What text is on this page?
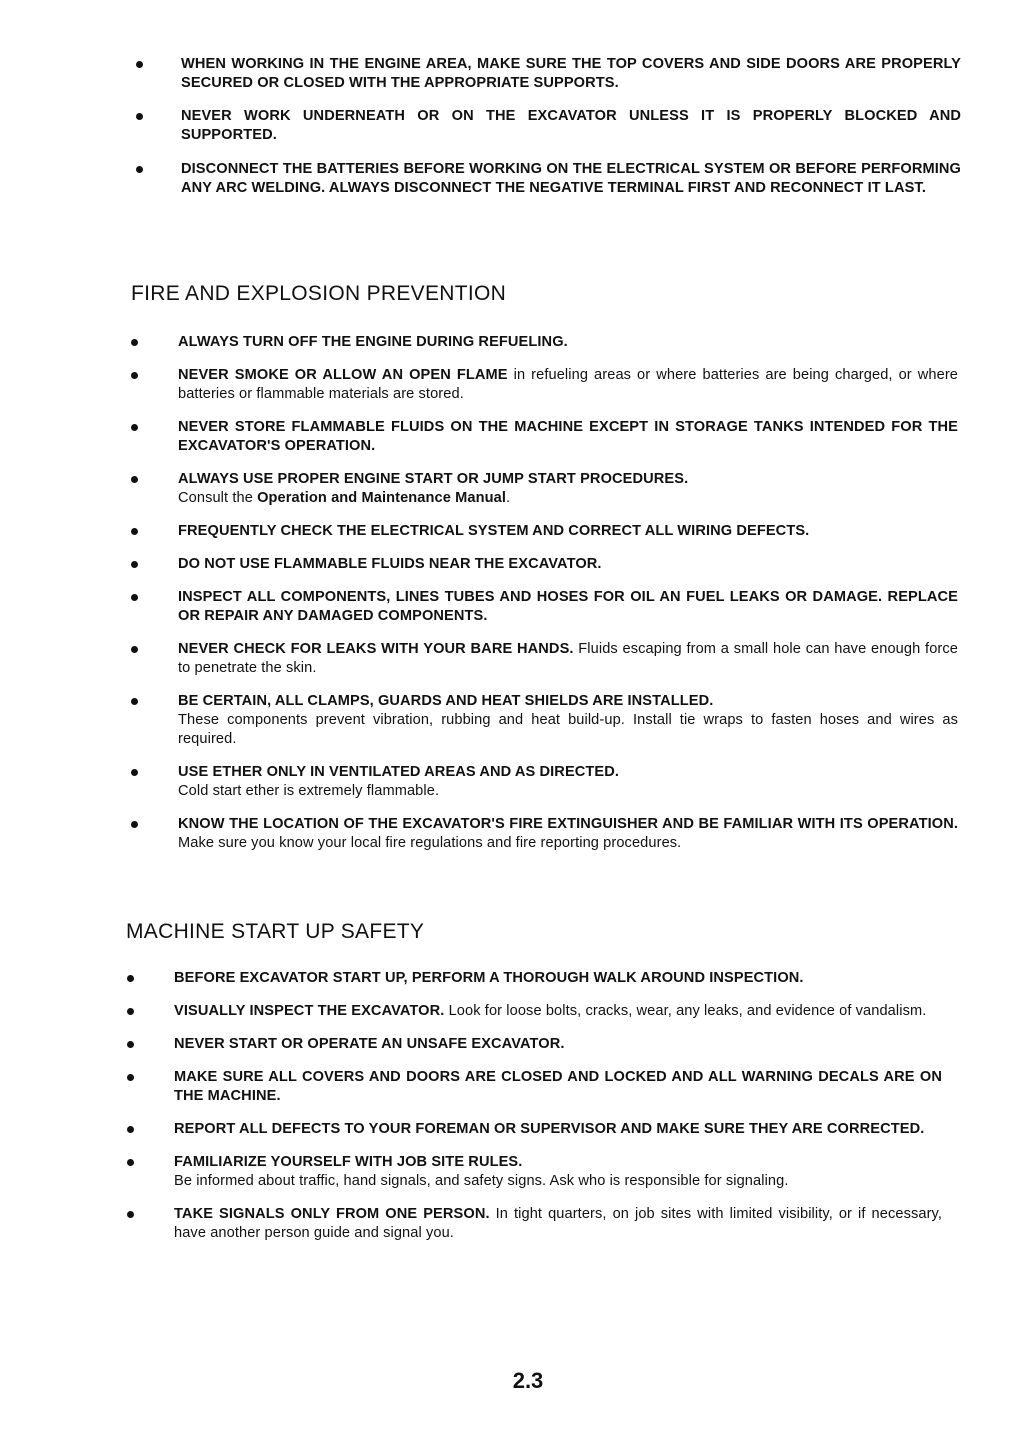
WHEN WORKING IN THE ENGINE AREA, MAKE SURE THE TOP COVERS AND SIDE DOORS ARE PROPERLY SECURED OR CLOSED WITH THE APPROPRIATE SUPPORTS.
NEVER WORK UNDERNEATH OR ON THE EXCAVATOR UNLESS IT IS PROPERLY BLOCKED AND SUPPORTED.
DISCONNECT THE BATTERIES BEFORE WORKING ON THE ELECTRICAL SYSTEM OR BEFORE PERFORMING ANY ARC WELDING. ALWAYS DISCONNECT THE NEGATIVE TERMINAL FIRST AND RECONNECT IT LAST.
FIRE AND EXPLOSION PREVENTION
ALWAYS TURN OFF THE ENGINE DURING REFUELING.
NEVER SMOKE OR ALLOW AN OPEN FLAME in refueling areas or where batteries are being charged, or where batteries or flammable materials are stored.
NEVER STORE FLAMMABLE FLUIDS ON THE MACHINE EXCEPT IN STORAGE TANKS INTENDED FOR THE EXCAVATOR'S OPERATION.
ALWAYS USE PROPER ENGINE START OR JUMP START PROCEDURES.
Consult the Operation and Maintenance Manual.
FREQUENTLY CHECK THE ELECTRICAL SYSTEM AND CORRECT ALL WIRING DEFECTS.
DO NOT USE FLAMMABLE FLUIDS NEAR THE EXCAVATOR.
INSPECT ALL COMPONENTS, LINES TUBES AND HOSES FOR OIL AN FUEL LEAKS OR DAMAGE. REPLACE OR REPAIR ANY DAMAGED COMPONENTS.
NEVER CHECK FOR LEAKS WITH YOUR BARE HANDS. Fluids escaping from a small hole can have enough force to penetrate the skin.
BE CERTAIN, ALL CLAMPS, GUARDS AND HEAT SHIELDS ARE INSTALLED.
These components prevent vibration, rubbing and heat build-up. Install tie wraps to fasten hoses and wires as required.
USE ETHER ONLY IN VENTILATED AREAS AND AS DIRECTED.
Cold start ether is extremely flammable.
KNOW THE LOCATION OF THE EXCAVATOR'S FIRE EXTINGUISHER AND BE FAMILIAR WITH ITS OPERATION. Make sure you know your local fire regulations and fire reporting procedures.
MACHINE START UP SAFETY
BEFORE EXCAVATOR START UP, PERFORM A THOROUGH WALK AROUND INSPECTION.
VISUALLY INSPECT THE EXCAVATOR. Look for loose bolts, cracks, wear, any leaks, and evidence of vandalism.
NEVER START OR OPERATE AN UNSAFE EXCAVATOR.
MAKE SURE ALL COVERS AND DOORS ARE CLOSED AND LOCKED AND ALL WARNING DECALS ARE ON THE MACHINE.
REPORT ALL DEFECTS TO YOUR FOREMAN OR SUPERVISOR AND MAKE SURE THEY ARE CORRECTED.
FAMILIARIZE YOURSELF WITH JOB SITE RULES.
Be informed about traffic, hand signals, and safety signs. Ask who is responsible for signaling.
TAKE SIGNALS ONLY FROM ONE PERSON. In tight quarters, on job sites with limited visibility, or if necessary, have another person guide and signal you.
2.3
